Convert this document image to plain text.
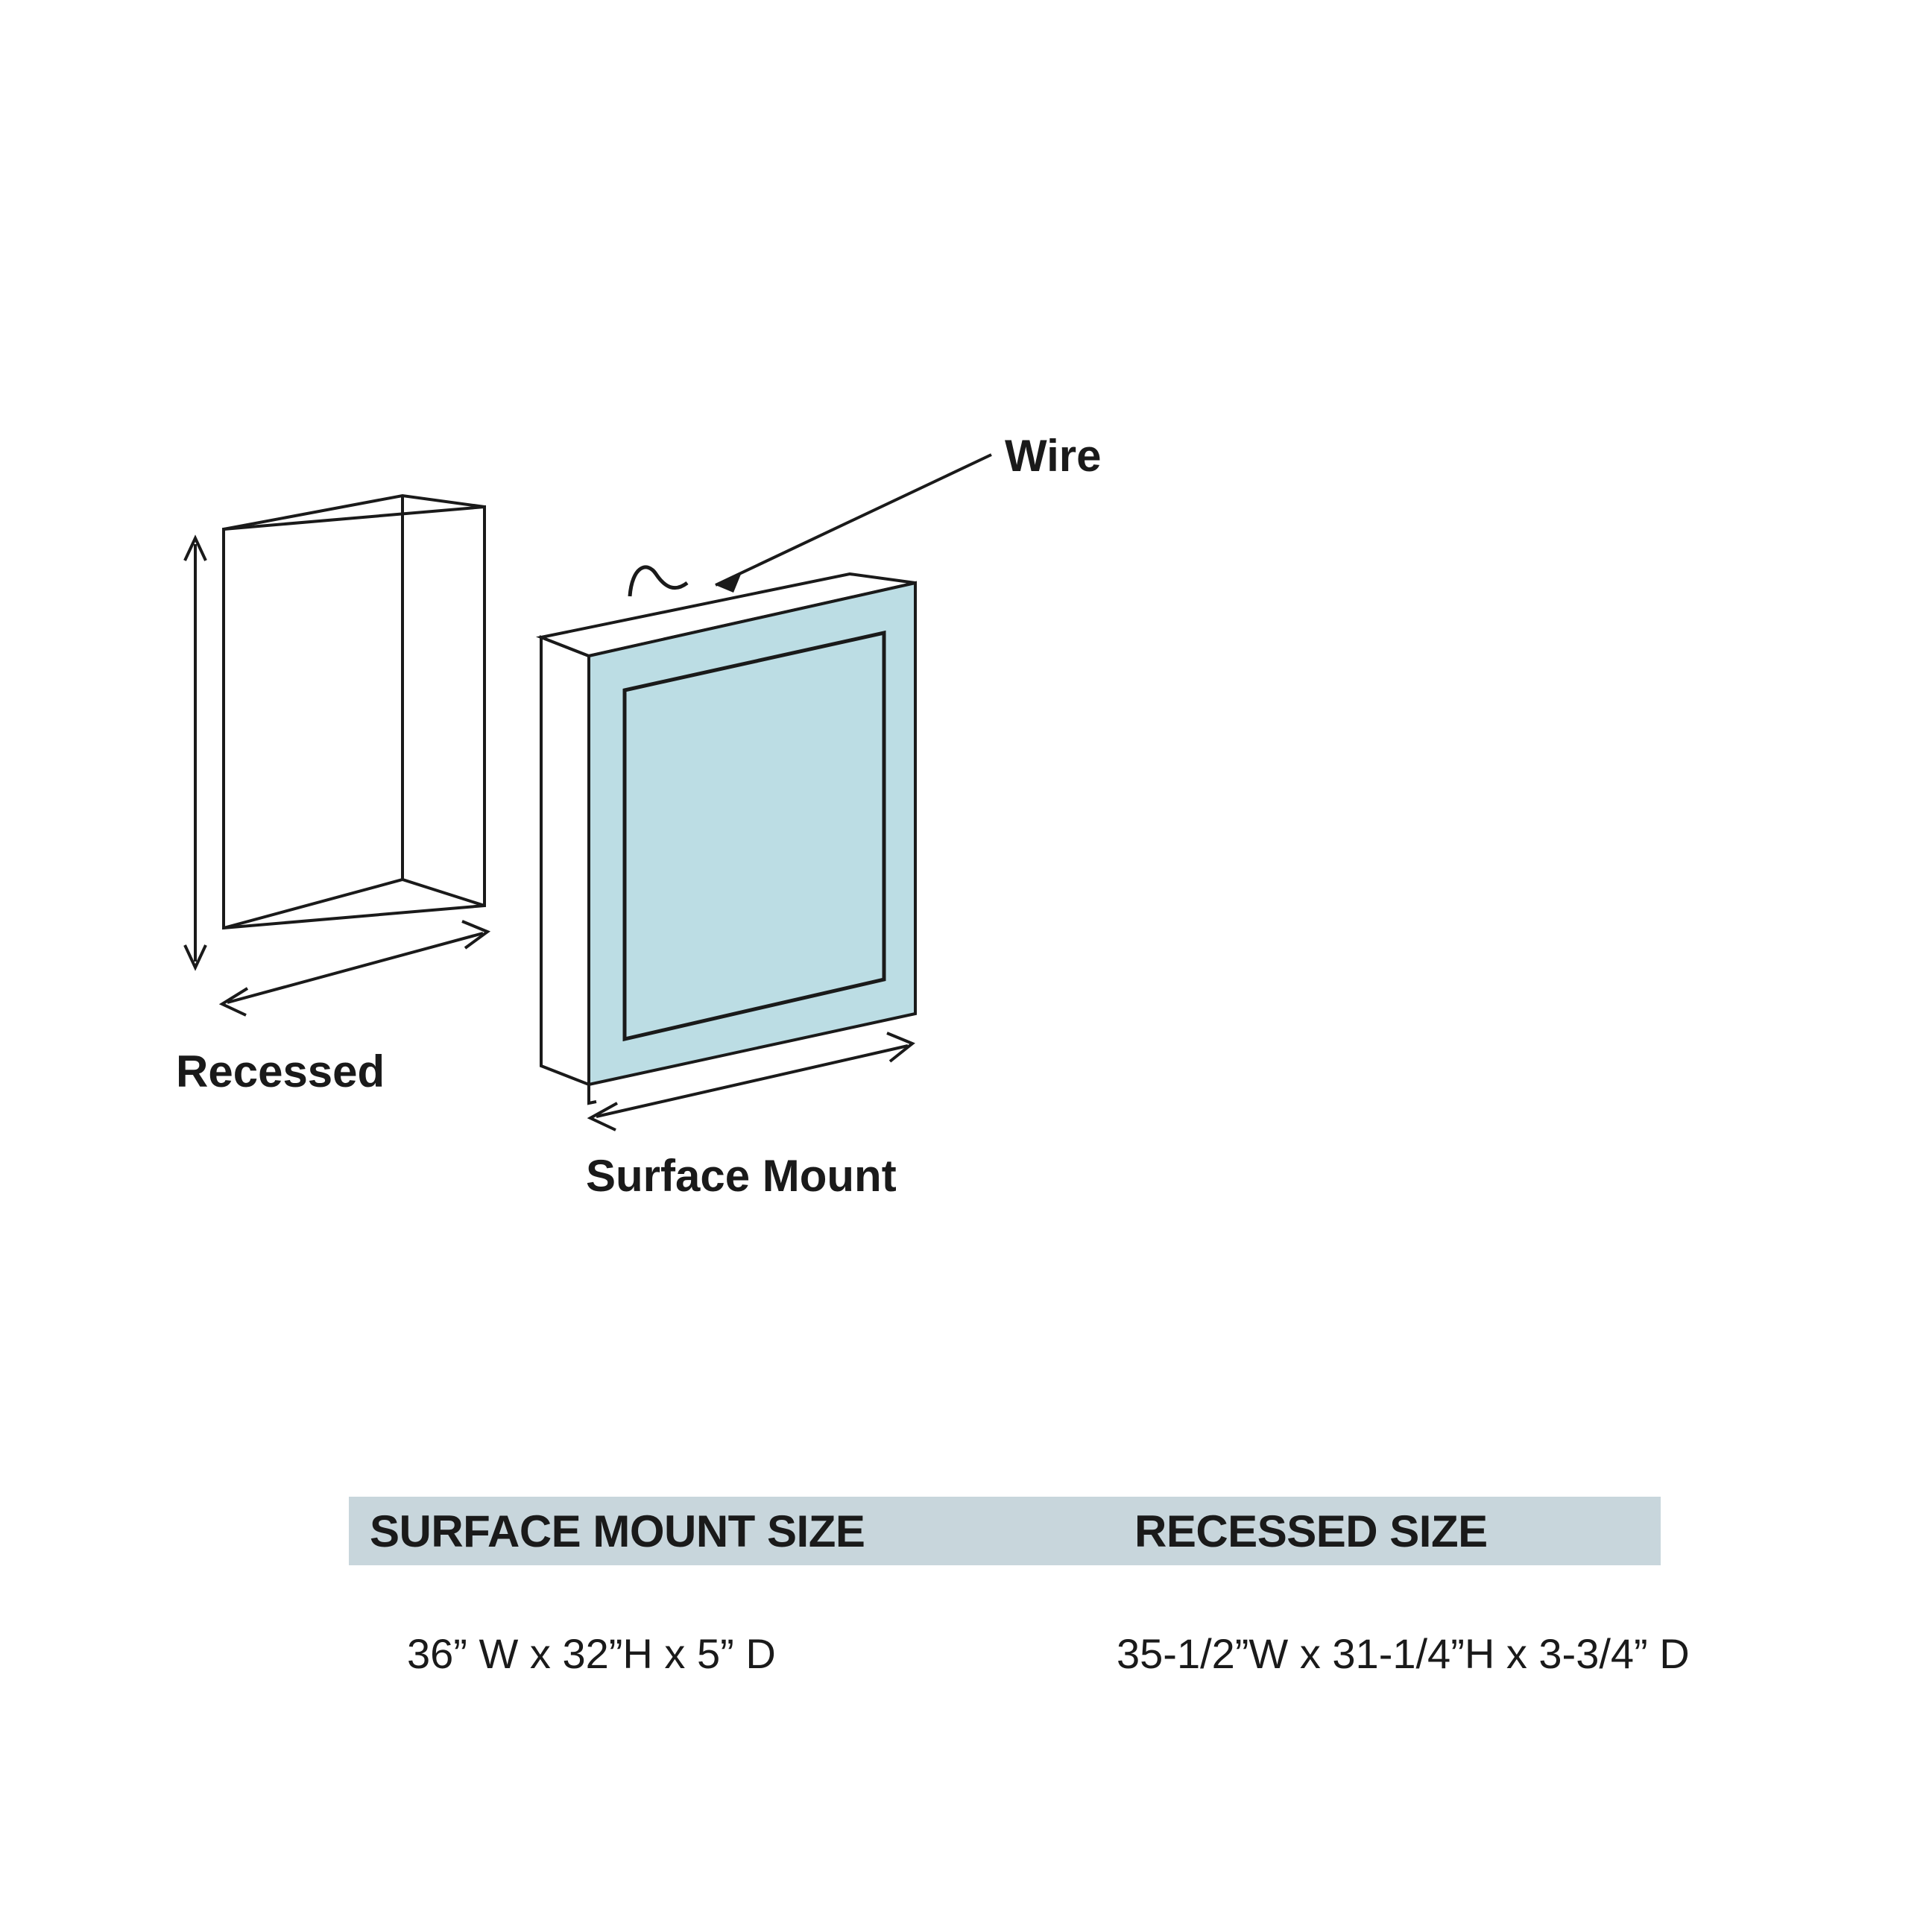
Recessed
Wire
Surface Mount
SURFACE MOUNT SIZE	RECESSED SIZE
36” W x 32”H x 5” D	35-1/2”W x 31-1/4”H x 3-3/4” D
